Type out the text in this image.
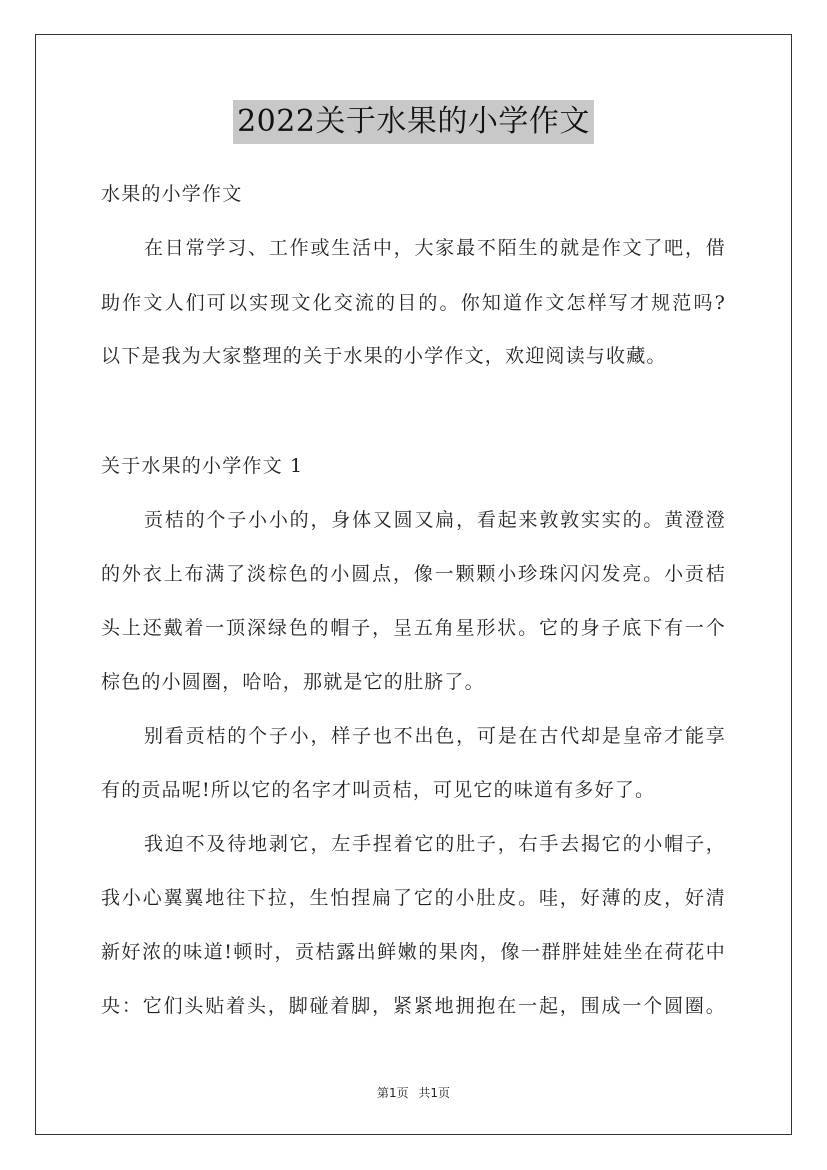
2022关于水果的小学作文
水果的小学作文
在日常学习、工作或生活中，大家最不陌生的就是作文了吧，借
助作文人们可以实现文化交流的目的。你知道作文怎样写才规范吗?
以下是我为大家整理的关于水果的小学作文，欢迎阅读与收藏。
关于水果的小学作文 1
贡桔的个子小小的，身体又圆又扁，看起来敦敦实实的。黄澄澄
的外衣上布满了淡棕色的小圆点，像一颗颗小珍珠闪闪发亮。小贡桔
头上还戴着一顶深绿色的帽子，呈五角星形状。它的身子底下有一个
棕色的小圆圈，哈哈，那就是它的肚脐了。
别看贡桔的个子小，样子也不出色，可是在古代却是皇帝才能享
有的贡品呢!所以它的名字才叫贡桔，可见它的味道有多好了。
我迫不及待地剥它，左手捏着它的肚子，右手去揭它的小帽子，
我小心翼翼地往下拉，生怕捏扁了它的小肚皮。哇，好薄的皮，好清
新好浓的味道!顿时，贡桔露出鲜嫩的果肉，像一群胖娃娃坐在荷花中
央：它们头贴着头，脚碰着脚，紧紧地拥抱在一起，围成一个圆圈。
第1页 共1页
